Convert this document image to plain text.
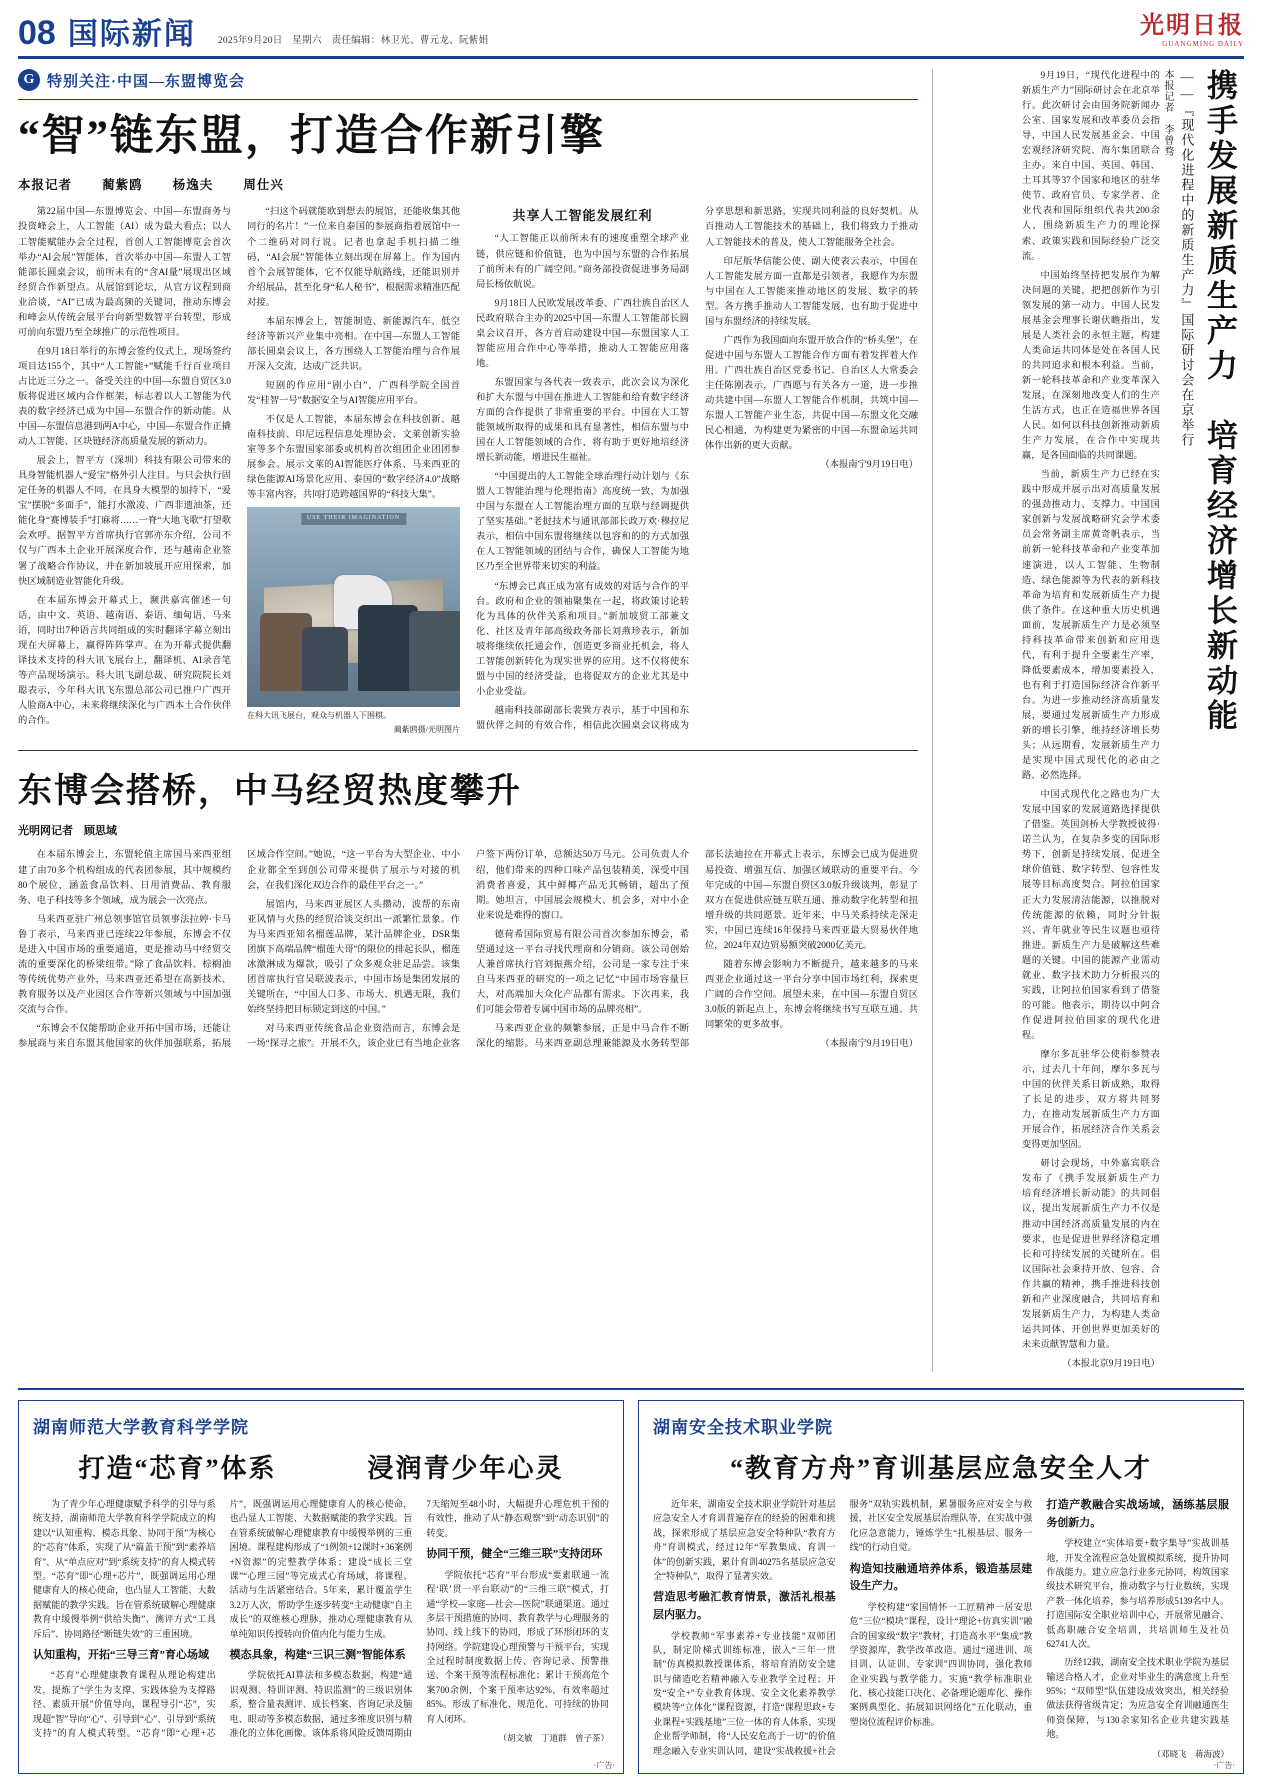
08 国际新闻 2025年9月20日　星期六　责任编辑：林卫光、曹元龙、阮紫娟
光明日报
GUANGMING DAILY
G 特别关注·中国—东盟博览会
“智”链东盟，打造合作新引擎
本报记者 蔺紫鸥 杨逸夫 周仕兴

第22届中国—东盟博览会、中国—东盟商务与投资峰会上，人工智能（AI）成为最大看点；以人工智能赋能办会全过程，首创人工智能博览会首次举办“AI会展”智能体，首次举办中国—东盟人工智能部长圆桌会议，前所未有的“含AI量”展现出区域经贸合作新望点。从展馆到论坛，从官方议程到商业洽谈，“AI”已成为最高频的关键词，推动东博会和峰会从传统会展平台向新型数智平台转型，形成可前向东盟乃至全球推广的示范性项目。

在9月18日举行的东博会签约仪式上，现场签约项目达155个，其中“人工智能+”赋能千行百业项目占比近三分之一。备受关注的中国—东盟自贸区3.0版将促进区域内合作框架，标志着以人工智能为代表的数字经济已成为中国—东盟合作的新动能。从中国—东盟信息港到两A中心，中国—东盟合作正撬动人工智能、区块链经济高质量发展的新动力。

展会上，智平方（深圳）科技有限公司带来的具身智能机器人“爱宝”格外引人注目。与只会执行固定任务的机器人不同，在具身大模型的加持下，“爱宝”摆脱“多面手”，能打水激凌、广西非遗油茶，还能化身“赛博装手”打麻将……一脊“大地飞歌”打望歌会欢呼。据智平方首席执行官郭亦东介绍，公司不仅与广西本土企业开展深度合作，还与越南企业签署了战略合作协议，并在新加坡展开应用探索，加快区域制造业智能化升级。

在本届东博会开幕式上，濒洪嘉宾催述一句话，由中文、英语、越南语、泰语、缅甸语、马来语，同时出7种语言共同组成的实时翻译字幕立刻出现在大屏幕上，赢得阵阵掌声。在为开幕式提供翻译技术支持的科大讯飞展台上，翻译机、AI录音笔等产品现场演示。科大讯飞副总裁、研究院院长刘聪表示，今年科大讯飞东盟总部公司已推户广西开人脸商A中心，未来将继续深化与广西本土合作伙伴的合作。

“扫这个码就能欧到想去的展馆，还能收集其他同行的名片！”一位来自泰国的参展商指着展馆中一个二维码对同行说。记者也拿起手机扫描二维码，“AI会展”智能体立刻出现在屏幕上。作为国内首个会展智能体，它不仅能导航路线，还能识别并介绍展品，甚至化身“私人秘书”，根据需求精准匹配对接。

本届东博会上，智能制造、新能源汽车、低空经济等新兴产业集中亮相。在中国—东盟人工智能部长圆桌会议上，各方围绕人工智能治理与合作展开深入交流，达成广泛共识。

短剧的作应用“剧小白”，广西科学院全国首发“桂智一号”数据安全与AI智能应用平台。

不仅是人工智能，本届东博会在科技创新、越南科技前、印尼远程信息处理协会、文莱创新实验室等多个东盟国家部委或机构首次组团企业团团参展参会。展示文莱的AI智能医疗体系、马来西亚的绿色能源AI场景化应用、泰国的“数字经济4.0”战略等丰富内容，共同打造跨越国界的“科技大集”。

USE THEIR IMAGINATION
在科大讯飞展台，观众与机器人下围棋。
蔺紫鸥摄/光明图片
共享人工智能发展红利

“人工智能正以前所未有的速度重塑全球产业链，供应链和价值链，也为中国与东盟的合作拓展了前所未有的广阔空间。”商务部投资促进事务局副局长杨依航说。

9月18日人民欧发展改革委、广西壮族自治区人民政府联合主办的2025中国—东盟人工智能部长圆桌会议召开，各方首启动建设中国—东盟国家人工智能应用合作中心等举措，推动人工智能应用落地。

东盟国家与各代表一致表示，此次会议为深化和扩大东盟与中国在推进人工智能和给育数字经济方面的合作提供了非常重要的平台。中国在人工智能领域所取得的成果和具有显著性，相信东盟与中国在人工智能领域的合作，将有助于更好地培经济增长新动能，增进民生福祉。

“中国提出的人工智能全球治理行动计划与《东盟人工智能治理与伦理指南》高度统一致，为加强中国与东盟在人工智能治理方面的互联与经调提供了坚实基础。”老挝技术与通讯部部长政万欢·穆拉尼表示，相信中国东盟将继续以包容和的的方式加强在人工智能领域的团结与合作，确保人工智能为地区乃至全世界带来切实的利益。

“东博会已真正成为富有成效的对话与合作的平台。政府和企业的领袖聚集在一起，将政策讨论转化为具体的伙伴关系和项目。”新加坡贸工部兼文化、社区及青年部高级政务部长刘燕珍表示，新加坡将继续依托通会作，创造更多商业托机会，将人工智能创新转化为现实世界的应用。这不仅将使东盟与中国的经济受益，也将促双方的企业尤其是中小企业受益。

越南科技部副部长裴巽方表示，基于中国和东盟伙伴之间的有效合作，相信此次圆桌会议将成为分享思想和新思路，实现共同利益的良好契机。从百推动人工智能技术的基础上，我们将致力于推动人工智能技术的普及，使人工智能服务全社会。

印尼版华信能公使、副大使表云表示，中国在人工智能发展方面一直都是引领者，我愿作为东盟与中国在人工智能来推动地区的发展、数字的转型。各方携手推动人工智能发展，也有助于促进中国与东盟经济的持续发展。

广西作为我国面向东盟开放合作的“桥头堡”，在促进中国与东盟人工智能合作方面有着发挥着大作用。广西壮族自治区党委书记、自治区人大常委会主任陈刚表示，广西愿与有关各方一道，进一步推动共建中国—东盟人工智能合作机制，共筑中国—东盟人工智能产业生态，共促中国—东盟文化交融民心相通，为构建更为紧密的中国—东盟命运共同体作出新的更大贡献。

（本报南宁9月19日电）
东博会搭桥，中马经贸热度攀升
光明网记者　顾思域

在本届东博会上，东盟轮值主席国马来西亚组建了由70多个机构组成的代表团参展，其中规模约80个展位，涵盖食品饮料、日用消费品、教育服务、电子科技等多个领域，成为展会一次亮点。

马来西亚驻广州总领事馆官员领事法拉婷·卡马鲁丁表示，马来西亚已连续22年参展，东博会不仅是进入中国市场的重要通道，更是推动马中经贸交流的重要深化的桥梁纽带。”除了食品饮料、棕榈油等传统优势产业外，马来西亚还希望在高新技术、教育服务以及产业园区合作等新兴领域与中国加强交流与合作。

“东博会不仅能帮助企业开拓中国市场，还能让参展商与来自东盟其他国家的伙伴加强联系，拓展区域合作空间。”她说，“这一平台为大型企业、中小企业都全至到创公司带来提供了展示与对接的机会，在我们深化双边合作的最佳平台之一。”

展馆内，马来西亚展区人头攒动，波帮的东南亚风情与火热的经贸洽谈交织出一派繁忙景象。作为马来西亚知名榴莲品牌，某汁品牌企业，DSR集团旗下高端品牌“榴莲大哥”的限位的排起长队，榴莲冰激淋成为爆款，吸引了众多观众驻足品尝。该集团首席执行官吴联波表示，中国市场是集团发展的关键所在，“中国人口多、市场大、机遇无限，我们始终坚持把目标锁定到这的中国。”

对马来西亚传统食品企业资浩而言，东博会是一场“探寻之旅”。开展不久，该企业已有当地企业客户签下两份订单，总额达50万马元。公司负责人介绍，他们带来的四种口味产品包装精美，深受中国消费者喜爱，其中鲜椰产品无其畅销，超出了预期。她坦言，中国展会规模大、机会多，对中小企业来说是难得的窗口。

德荷希国际贸易有限公司首次参加东博会，希望通过这一平台寻找代理商和分销商。该公司创始人兼首席执行官刘振燕介绍，公司是一家专注于来自马来西亚的研究的一项之记忆“中国市场容量巨大，对高端加大众化产品都有需求。下次再来，我们可能会带着专属中国市场的品牌亮相”。

马来西亚企业的频繁参展，正是中马合作不断深化的缩影。马来西亚副总理兼能源及水务转型部部长法迪拉在开幕式上表示，东博会已成为促进贸易投资、增强互信、加强区域联动的重要平台。今年完成的中国—东盟自贸区3.0版升级谈判，彰显了双方在促进供应链互联互通、推动数字化转型和扭增升级的共同愿景。近年来，中马关系持续走深走实，中国已连续16年保持马来西亚最大贸易伙伴地位，2024年双边贸易额突破2000亿美元。

随着东博会影响力不断提升，越来越多的马来西亚企业通过这一平台分享中国市场红利，探索更广阔的合作空间。展望未来，在中国—东盟自贸区3.0版的新起点上，东博会将继续书写互联互通、共同繁荣的更多故事。

（本报南宁9月19日电）
携手发展新质生产力　培育经济增长新动能
——『现代化进程中的新质生产力』国际研讨会在京举行
本报记者　李曾骛

9月19日，“现代化进程中的新质生产力”国际研讨会在北京举行。此次研讨会由国务院新闻办公室、国家发展和改革委员会指导，中国人民发展基金会、中国宏观经济研究院、海尔集团联合主办。来自中国、英国、韩国、土耳其等37个国家和地区的驻华使节、政府官员、专家学者、企业代表和国际组织代表共200余人，围绕新质生产力的理论探索、政策实践和国际经验广泛交流。

中国始终坚持把发展作为解决问题的关键，把把创新作为引领发展的第一动力。中国人民发展基金会理事长谢伏瞻指出，发展是人类社会的永恒主题，构建人类命运共同体是处在各国人民的共同追求和根本利益。当前，新一轮科技革命和产业变革深入发展，在深刻地改变人们的生产生活方式，也正在造福世界各国人民。如何以科技创新推动新质生产力发展，在合作中实现共赢，是各国面临的共同课题。

当前，新质生产力已经在实践中形成并展示出对高质量发展的强劲推动力、支撑力。中国国家创新与发展战略研究会学术委员会常务副主席黄奇帆表示，当前新一轮科技革命和产业变革加速演进，以人工智能、生物制造、绿色能源等为代表的新科技革命为培育和发展新质生产力提供了条件。在这种重大历史机遇面前，发展新质生产力是必须坚持科技革命带来创新和应用迭代，有利于提升全要素生产率，降低要素成本，增加要素投入，也有利于打造国际经济合作新平台。为进一步推动经济高质量发展，要通过发展新质生产力形成新的增长引擎，维持经济增长势头；从远期看，发展新质生产力是实现中国式现代化的必由之路、必然选择。

中国式现代化之路也为广大发展中国家的发展道路选择提供了借鉴。英国剑桥大学教授彼得·诺兰认为，在复杂多变的国际形势下，创新是持续发展、促进全球价值链、数字转型、包容性发展等目标高度契合。阿拉伯国家正大力发展清洁能源，以推脱对传统能源的依赖，同时分针振兴、青年就业等民生议题也亟待推进。新质生产力是破解这些难题的关键。中国的能源产业需动就业、数字技术助力分析报兴的实践，让阿拉伯国家看到了借鉴的可能。他表示，期待以中阿合作促进阿拉伯国家的现代化进程。

摩尔多瓦驻华公使衔参赞表示，过去几十年间，摩尔多瓦与中国的伙伴关系日新成熟，取得了长足的进步，双方将共同努力，在推动发展新质生产力方面开展合作，拓展经济合作关系会变得更加坚固。

研讨会现场，中外嘉宾联合发布了《携手发展新质生产力　培育经济增长新动能》的共同倡议，提出发展新质生产力不仅是推动中国经济高质量发展的内在要求，也是促进世界经济稳定增长和可持续发展的关键所在。倡议国际社会秉持开放、包容、合作共赢的精神，携手推进科技创新和产业深度融合，共同培育和发展新质生产力，为构建人类命运共同体、开创世界更加美好的未来贡献智慧和力量。

（本报北京9月19日电）
湖南师范大学教育科学学院
打造“芯育”体系	浸润青少年心灵

为了青少年心理健康赋予科学的引导与系统支持，湖南师范大学教育科学学院成立的构建以“认知重构、模态具象、协同干预”为核心的“芯育”体系，实现了从“篇盖干预”到“素养培育”、从“单点应对”到“系统支持”的育人模式转型。“芯育”即“心理+芯片”，既强调运用心理健康育人的核心使命，也凸显人工智能、大数据赋能的教学实践。旨在管系统破解心理健康教育中缓慢举例“供给失衡”、测评方式“工具斥后”、协同路径“断链失效”的三重困境。

认知重构，开拓“三导三育”育心场域

“芯育”心理健康教育课程从理论构建出发，提炼了“学生为支撑、实践体验为支撑路径、素质开展”价值导向，课程导引“芯”，实现超“智”导向“心”、引导到“心”、引导到“系统支持”的育人模式转型。“芯育”即“心理+芯片”，既强调运用心理健康育人的核心使命，也凸显人工智能、大数据赋能的教学实践。旨在管系统破解心理健康教育中缓慢举例的三重困境。课程建构形成了“1例领+12课时+36案例+N资源”的完整教学体系；建设“成长三堂课”“心理三园”等完成式心育场域，将课程、活动与生活紧密结合。5年来，累计覆盖学生3.2万人次，帮助学生逐步转变“主动健康”自主成长”的双维核心理脉，推动心理健康教育从单纯知识传授转向价值内化与能力生成。

模态具象，构建“三识三测”智能体系

学院依托AI算法和多模态数据，构建“通识观测、特训评测、特识监测”的三级识别体系，整合量表测评、成长档案、咨询记录及脑电、眼动等多模态数据，通过多维度识别与精准化的立体化画像。该体系将风险反馈周期由7天缩短至48小时，大幅提升心理危机干预的有效性，推动了从“静态观察”到“动态识别”的转变。

协同干预，健全“三维三联”支持闭环

学院依托“芯育”平台形成“要素联通一流程‘联’贯一平台联动”的“三维三联”模式，打通“学校—家庭—社会—医院”联通渠道。通过多层干预措施的协同、教育教学与心理服务的协同、线上线下的协同，形成了环形闭环的支持网络。学院建设心理预警与干预平台，实现全过程时制度数据上传、咨询记录、预警推送、个案干预等流程标准化；累计干预高危个案700余例，个案干预率达92%，有效率超过85%。形成了标准化、规范化、可持续的协同育人闭环。

（胡文敏　丁道群　曾子茶）
·广告·
湖南安全技术职业学院
“教育方舟”育训基层应急安全人才

近年来，湖南安全技术职业学院针对基层应急安全人才育训普遍存在的经验的困难和挑战，探索形成了基层应急安全特种队“教育方舟”育训模式，经过12年“军教集成、育训一体”的创新实践，累计育训40275名基层应急安全“特种队”，取得了显著实效。

营造思考融汇教育情景，激活礼根基层内驱力。

学校教师“军事素养+专业技能”双师团队，制定阶梯式训练标准，嵌入“三年一贯制”仿真模拟教授课体系，将培育消防安全建识与储造吃若精神融入专业教学全过程；开发“安全+”专业教育体现、安全文化素养教学模块等“立体化”课程资源，打造“课程思政+专业课程+实践基地”三位一体的育人体系，实现企业帮学师制，将“人民安危高于一切”的价值理念融入专业实训认同，建设“实战救援+社会服务”双轨实践机制，累暑服务应对安全与救援，社区安全发展基层治理队等，在实战中强化应急意能力，锤炼学生“扎根基层、服务一线”的行动自觉。

构造知技融通培养体系，锻造基层建设生产力。

学校构建“家国情怀一工匠精神一居安思危”三位“模块”课程，设计“理论+仿真实训”融合的国家级“数字”教材，打造高水平“集成”教学资源库，教学改革改造。通过“递进训、项目训、认证训、专家训”四训协同，强化教师企业实践与教学能力。实施“教学标准职业化、核心技能口决化、必备理论题库化、操作案例典型化、拓展知识网络化”五化联动，重塑岗位流程评价标准。

打造产教融合实战场域，涵练基层服务创新力。

学校建立“实体培要+数字集导”实战训基地，开发全流程应急处置模拟系统，提升协同作战能力。建立应急行业多元协同，构筑国家级技术研究平台，推动数字与行业数统，实现产教一体化培养，参与培养形成5139名中人。打造国际安全职业培训中心，开展常见融合、低高职融合安全培训，共培训师生及社员62741人次。

历经12载，湖南安全技术职业学院为基层输送合格人才，企业对毕业生的满意度上升至95%；“双师型”队伍建设成效突出，相关经验做法获得省级肯定；为应急安全育训融通医生师资保障，与130余家知名企业共建实践基地。

（邓晓飞　蒋海波）
·广告·
